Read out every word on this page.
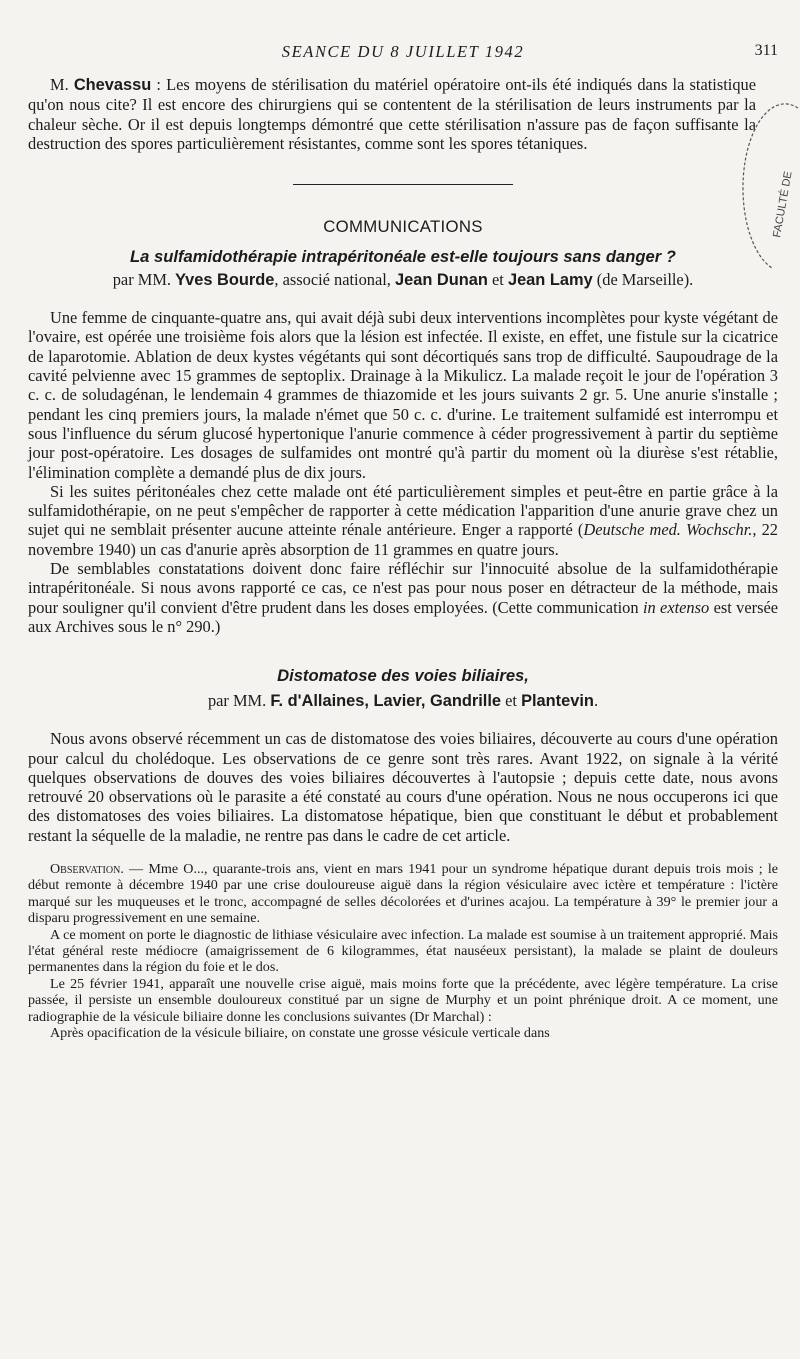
SEANCE DU 8 JUILLET 1942	311

M. Chevassu : Les moyens de stérilisation du matériel opératoire ont-ils été indiqués dans la statistique qu'on nous cite? Il est encore des chirurgiens qui se contentent de la stérilisation de leurs instruments par la chaleur sèche. Or il est depuis longtemps démontré que cette stérilisation n'assure pas de façon suffisante la destruction des spores particulièrement résistantes, comme sont les spores tétaniques.

COMMUNICATIONS
La sulfamidothérapie intrapéritonéale est-elle toujours sans danger ?
par MM. Yves Bourde, associé national, Jean Dunan et Jean Lamy (de Marseille).

Une femme de cinquante-quatre ans, qui avait déjà subi deux interventions incomplètes pour kyste végétant de l'ovaire, est opérée une troisième fois alors que la lésion est infectée. Il existe, en effet, une fistule sur la cicatrice de laparotomie. Ablation de deux kystes végétants qui sont décortiqués sans trop de difficulté. Saupoudrage de la cavité pelvienne avec 15 grammes de septoplix. Drainage à la Mikulicz. La malade reçoit le jour de l'opération 3 c. c. de soludagénan, le lendemain 4 grammes de thiazomide et les jours suivants 2 gr. 5. Une anurie s'installe ; pendant les cinq premiers jours, la malade n'émet que 50 c. c. d'urine. Le traitement sulfamidé est interrompu et sous l'influence du sérum glucosé hypertonique l'anurie commence à céder progressivement à partir du septième jour post-opératoire. Les dosages de sulfamides ont montré qu'à partir du moment où la diurèse s'est rétablie, l'élimination complète a demandé plus de dix jours.

Si les suites péritonéales chez cette malade ont été particulièrement simples et peut-être en partie grâce à la sulfamidothérapie, on ne peut s'empêcher de rapporter à cette médication l'apparition d'une anurie grave chez un sujet qui ne semblait présenter aucune atteinte rénale antérieure. Enger a rapporté (Deutsche med. Wochschr., 22 novembre 1940) un cas d'anurie après absorption de 11 grammes en quatre jours.

De semblables constatations doivent donc faire réfléchir sur l'innocuité absolue de la sulfamidothérapie intrapéritonéale. Si nous avons rapporté ce cas, ce n'est pas pour nous poser en détracteur de la méthode, mais pour souligner qu'il convient d'être prudent dans les doses employées. (Cette communication in extenso est versée aux Archives sous le n° 290.)

Distomatose des voies biliaires,
par MM. F. d'Allaines, Lavier, Gandrille et Plantevin.

Nous avons observé récemment un cas de distomatose des voies biliaires, découverte au cours d'une opération pour calcul du cholédoque. Les observations de ce genre sont très rares. Avant 1922, on signale à la vérité quelques observations de douves des voies biliaires découvertes à l'autopsie ; depuis cette date, nous avons retrouvé 20 observations où le parasite a été constaté au cours d'une opération. Nous ne nous occuperons ici que des distomatoses des voies biliaires. La distomatose hépatique, bien que constituant le début et probablement restant la séquelle de la maladie, ne rentre pas dans le cadre de cet article.

Observation. — Mme O..., quarante-trois ans, vient en mars 1941 pour un syndrome hépatique durant depuis trois mois ; le début remonte à décembre 1940 par une crise douloureuse aiguë dans la région vésiculaire avec ictère et température : l'ictère marqué sur les muqueuses et le tronc, accompagné de selles décolorées et d'urines acajou. La température à 39° le premier jour a disparu progressivement en une semaine.

A ce moment on porte le diagnostic de lithiase vésiculaire avec infection. La malade est soumise à un traitement approprié. Mais l'état général reste médiocre (amaigrissement de 6 kilogrammes, état nauséeux persistant), la malade se plaint de douleurs permanentes dans la région du foie et le dos.

Le 25 février 1941, apparaît une nouvelle crise aiguë, mais moins forte que la précédente, avec légère température. La crise passée, il persiste un ensemble douloureux constitué par un signe de Murphy et un point phrénique droit. A ce moment, une radiographie de la vésicule biliaire donne les conclusions suivantes (Dr Marchal) :

Après opacification de la vésicule biliaire, on constate une grosse vésicule verticale dans

FACULTÉ DE
